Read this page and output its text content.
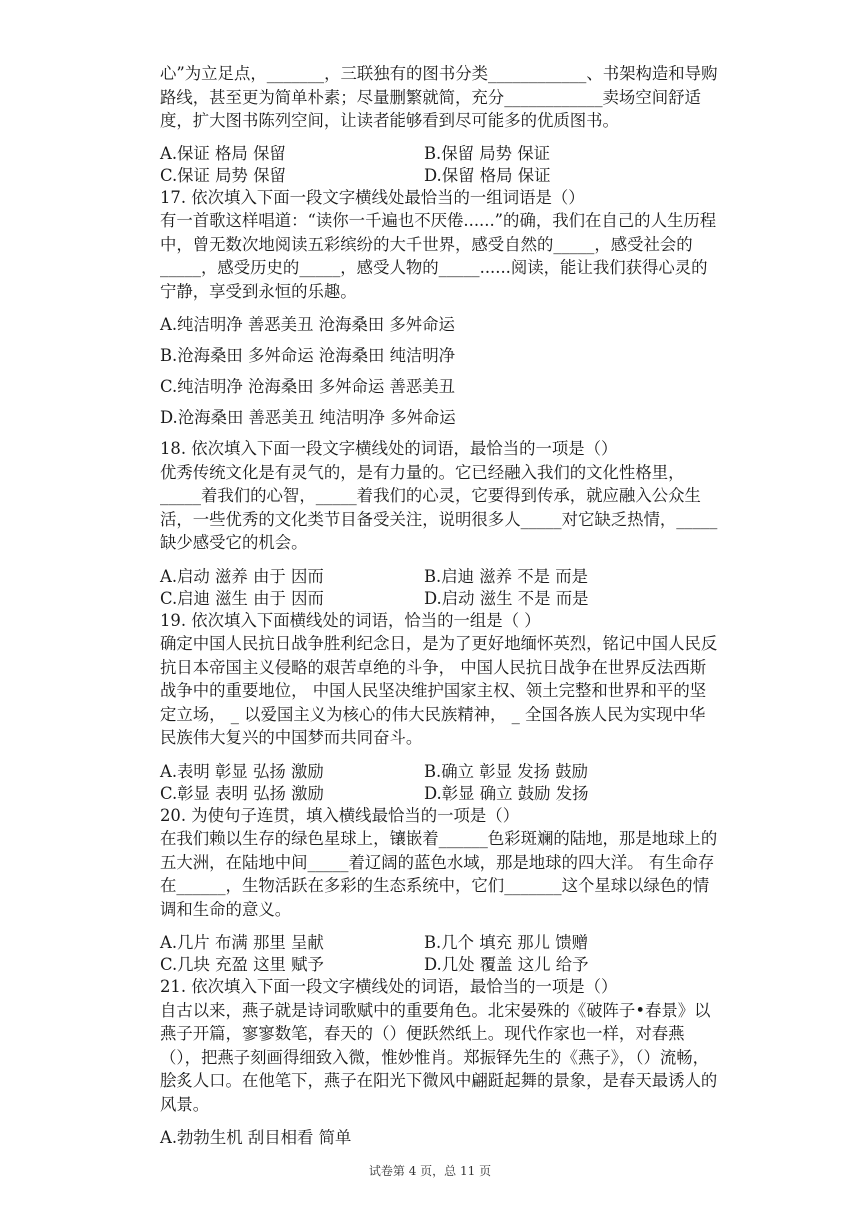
心”为立足点，_______，三联独有的图书分类____________、书架构造和导购路线，甚至更为简单朴素；尽量删繁就简，充分____________卖场空间舒适度，扩大图书陈列空间，让读者能够看到尽可能多的优质图书。

A.保证 格局 保留	B.保留 局势 保证
C.保证 局势 保留	D.保留 格局 保证

17. 依次填入下面一段文字横线处最恰当的一组词语是（）

有一首歌这样唱道：“读你一千遍也不厌倦......”的确，我们在自己的人生历程中，曾无数次地阅读五彩缤纷的大千世界，感受自然的_____，感受社会的_____，感受历史的_____，感受人物的_____......阅读，能让我们获得心灵的宁静，享受到永恒的乐趣。

A.纯洁明净 善恶美丑 沧海桑田 多舛命运
B.沧海桑田 多舛命运 沧海桑田 纯洁明净
C.纯洁明净 沧海桑田 多舛命运 善恶美丑
D.沧海桑田 善恶美丑 纯洁明净 多舛命运

18. 依次填入下面一段文字横线处的词语，最恰当的一项是（）

优秀传统文化是有灵气的，是有力量的。它已经融入我们的文化性格里，_____着我们的心智，_____着我们的心灵，它要得到传承，就应融入公众生活，一些优秀的文化类节目备受关注，说明很多人_____对它缺乏热情，_____缺少感受它的机会。

A.启动 滋养 由于 因而	B.启迪 滋养 不是 而是
C.启迪 滋生 由于 因而	D.启动 滋生 不是 而是

19. 依次填入下面横线处的词语，恰当的一组是（ ）

确定中国人民抗日战争胜利纪念日，是为了更好地缅怀英烈，铭记中国人民反抗日本帝国主义侵略的艰苦卓绝的斗争， 中国人民抗日战争在世界反法西斯战争中的重要地位， 中国人民坚决维护国家主权、领土完整和世界和平的坚定立场， _ 以爱国主义为核心的伟大民族精神， _ 全国各族人民为实现中华民族伟大复兴的中国梦而共同奋斗。

A.表明 彰显 弘扬 激励	B.确立 彰显 发扬 鼓励
C.彰显 表明 弘扬 激励	D.彰显 确立 鼓励 发扬

20. 为使句子连贯，填入横线最恰当的一项是（）

在我们赖以生存的绿色星球上，镶嵌着______色彩斑斓的陆地，那是地球上的五大洲，在陆地中间_____着辽阔的蓝色水域，那是地球的四大洋。 有生命存在______，生物活跃在多彩的生态系统中，它们_______这个星球以绿色的情调和生命的意义。

A.几片 布满 那里 呈献	B.几个 填充 那儿 馈赠
C.几块 充盈 这里 赋予	D.几处 覆盖 这儿 给予

21. 依次填入下面一段文字横线处的词语，最恰当的一项是（）

自古以来，燕子就是诗词歌赋中的重要角色。北宋晏殊的《破阵子•春景》以燕子开篇，寥寥数笔，春天的（）便跃然纸上。现代作家也一样，对春燕（），把燕子刻画得细致入微，惟妙惟肖。郑振铎先生的《燕子》，（）流畅，脍炙人口。在他笔下，燕子在阳光下微风中翩跹起舞的景象，是春天最诱人的风景。

A.勃勃生机 刮目相看 简单
试卷第 4 页，总 11 页
